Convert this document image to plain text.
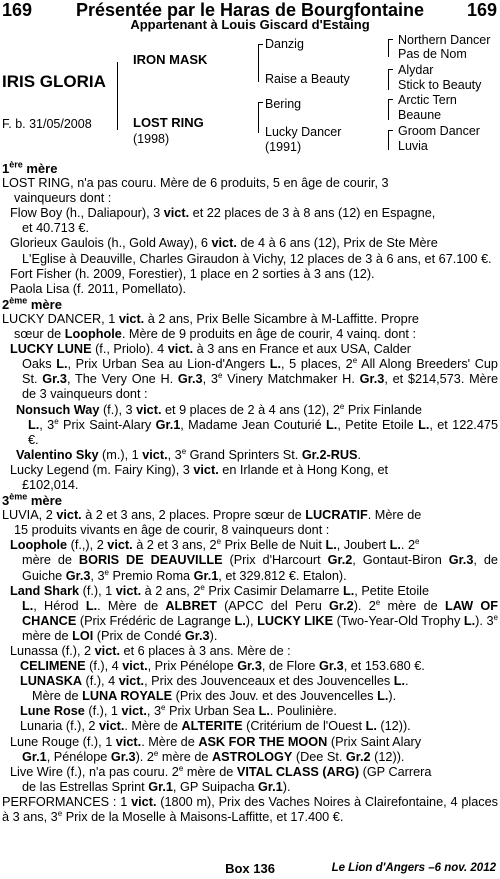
Présentée par le Haras de Bourgfontaine
169	169
Appartenant à Louis Giscard d'Estaing
IRIS GLORIA
F. b. 31/05/2008
IRON MASK
LOST RING
(1998)
Danzig
Raise a Beauty
Bering
Lucky Dancer
(1991)
Northern Dancer
Pas de Nom
Alydar
Stick to Beauty
Arctic Tern
Beaune
Groom Dancer
Luvia
1ère mère
LOST RING, n'a pas couru. Mère de 6 produits, 5 en âge de courir, 3
vainqueurs dont :
Flow Boy (h., Daliapour), 3 vict. et 22 places de 3 à 8 ans (12) en Espagne,
et 40.713 €.
Glorieux Gaulois (h., Gold Away), 6 vict. de 4 à 6 ans (12), Prix de Ste Mère
L'Eglise à Deauville, Charles Giraudon à Vichy, 12 places de 3 à 6 ans, et 67.100 €.
Fort Fisher (h. 2009, Forestier), 1 place en 2 sorties à 3 ans (12).
Paola Lisa (f. 2011, Pomellato).
2ème mère
LUCKY DANCER, 1 vict. à 2 ans, Prix Belle Sicambre à M-Laffitte. Propre
sœur de Loophole. Mère de 9 produits en âge de courir, 4 vainq. dont :
LUCKY LUNE (f., Priolo). 4 vict. à 3 ans en France et aux USA, Calder
Oaks L., Prix Urban Sea au Lion-d'Angers L., 5 places, 2e All Along Breeders' Cup St. Gr.3, The Very One H. Gr.3, 3e Vinery Matchmaker H. Gr.3, et $214,573. Mère de 3 vainqueurs dont :
Nonsuch Way (f.), 3 vict. et 9 places de 2 à 4 ans (12), 2e Prix Finlande
L., 3e Prix Saint-Alary Gr.1, Madame Jean Couturié L., Petite Etoile L., et 122.475 €.
Valentino Sky (m.), 1 vict., 3e Grand Sprinters St. Gr.2-RUS.
Lucky Legend (m. Fairy King), 3 vict. en Irlande et à Hong Kong, et
£102,014.
3ème mère
LUVIA, 2 vict. à 2 et 3 ans, 2 places. Propre sœur de LUCRATIF. Mère de
15 produits vivants en âge de courir, 8 vainqueurs dont :
Loophole (f.,), 2 vict. à 2 et 3 ans, 2e Prix Belle de Nuit L., Joubert L.. 2e
mère de BORIS DE DEAUVILLE (Prix d'Harcourt Gr.2, Gontaut-Biron Gr.3, de Guiche Gr.3, 3e Premio Roma Gr.1, et 329.812 €. Etalon).
Land Shark (f.), 1 vict. à 2 ans, 2e Prix Casimir Delamarre L., Petite Etoile
L., Hérod L.. Mère de ALBRET (APCC del Peru Gr.2). 2e mère de LAW OF CHANCE (Prix Frédéric de Lagrange L.), LUCKY LIKE (Two-Year-Old Trophy L.). 3e mère de LOI (Prix de Condé Gr.3).
Lunassa (f.), 2 vict. et 6 places à 3 ans. Mère de :
CELIMENE (f.), 4 vict., Prix Pénélope Gr.3, de Flore Gr.3, et 153.680 €.
LUNASKA (f.), 4 vict., Prix des Jouvenceaux et des Jouvencelles L..
Mère de LUNA ROYALE (Prix des Jouv. et des Jouvencelles L.).
Lune Rose (f.), 1 vict., 3e Prix Urban Sea L.. Poulinière.
Lunaria (f.), 2 vict.. Mère de ALTERITE (Critérium de l'Ouest L. (12)).
Lune Rouge (f.), 1 vict.. Mère de ASK FOR THE MOON (Prix Saint Alary
Gr.1, Pénélope Gr.3). 2e mère de ASTROLOGY (Dee St. Gr.2 (12)).
Live Wire (f.), n'a pas couru. 2e mère de VITAL CLASS (ARG) (GP Carrera
de las Estrellas Sprint Gr.1, GP Suipacha Gr.1).
PERFORMANCES : 1 vict. (1800 m), Prix des Vaches Noires à Clairefontaine, 4 places à 3 ans, 3e Prix de la Moselle à Maisons-Laffitte, et 17.400 €.
Box 136	Le Lion d'Angers –6 nov. 2012
